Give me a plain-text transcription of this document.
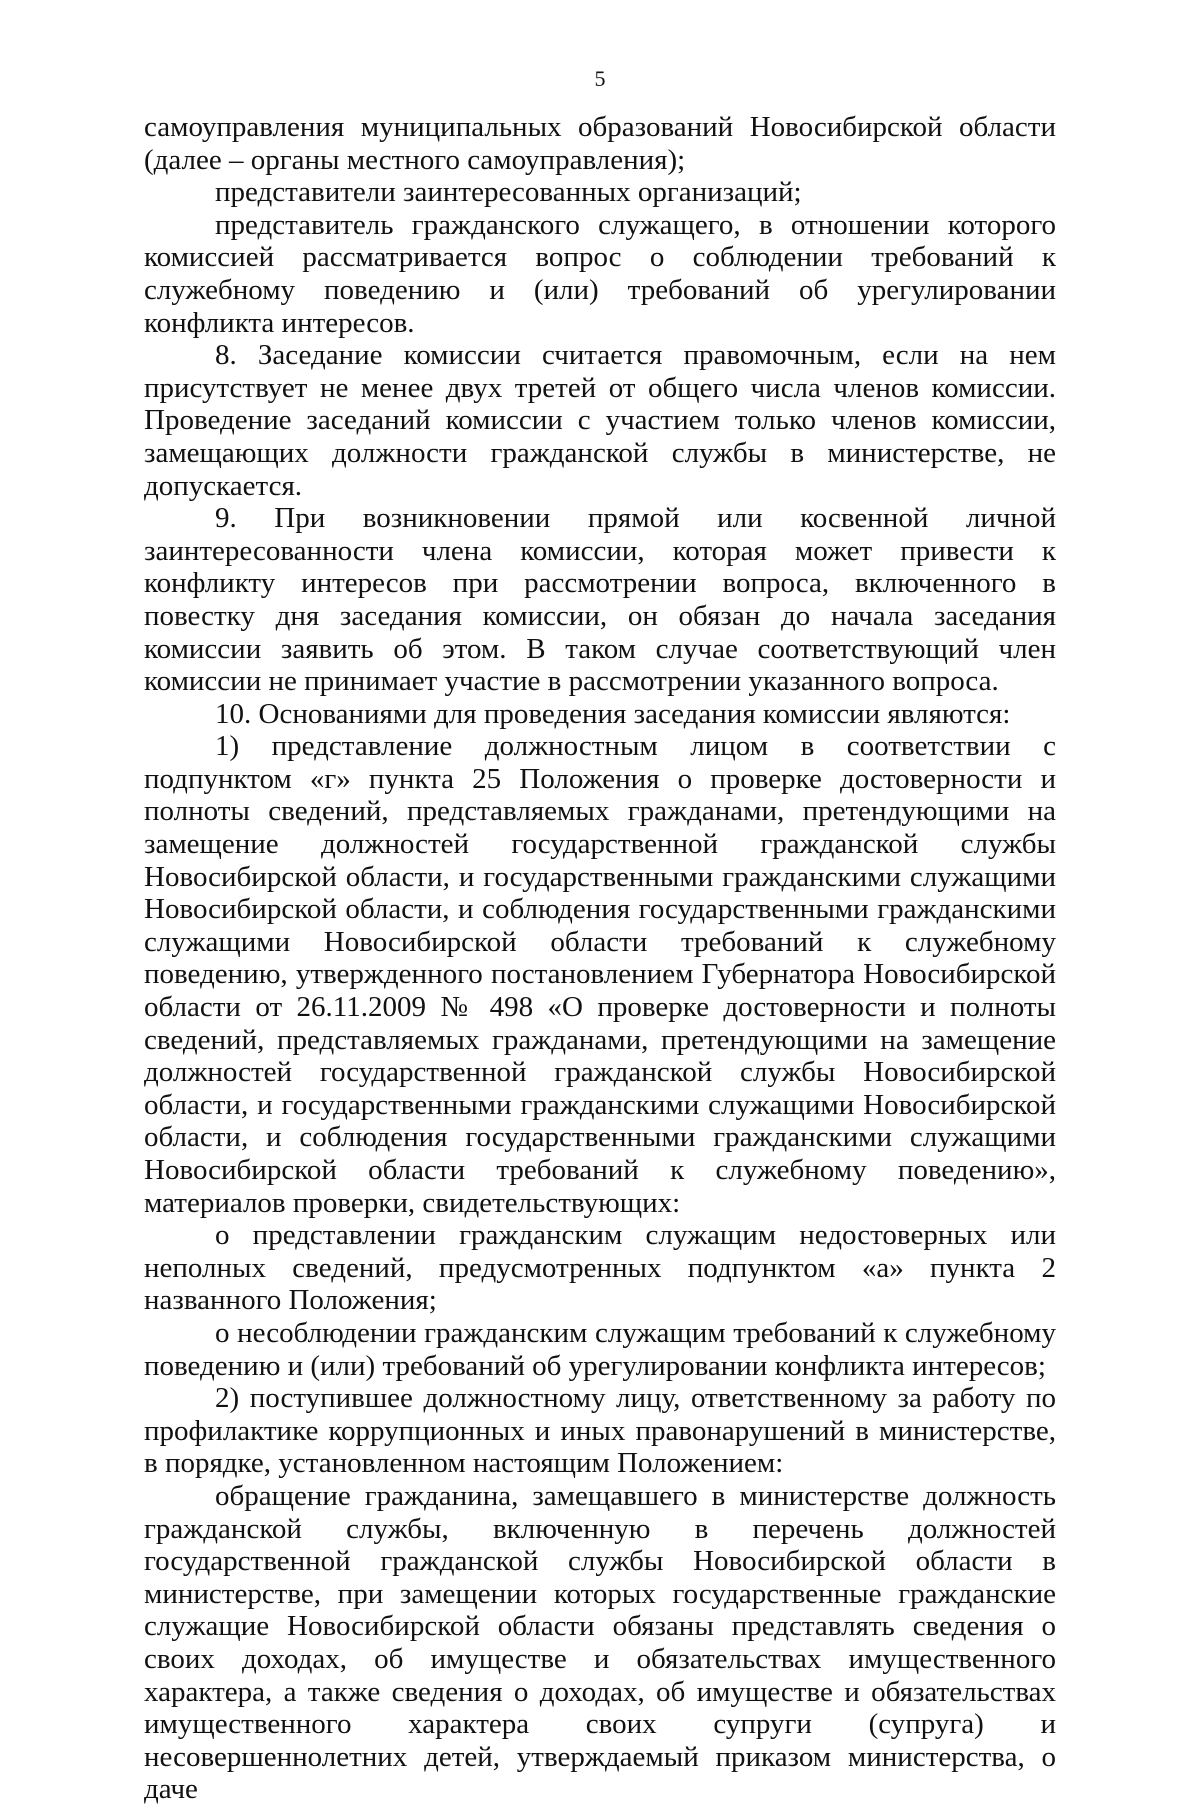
5

самоуправления муниципальных образований Новосибирской области (далее – органы местного самоуправления);

представители заинтересованных организаций;

представитель гражданского служащего, в отношении которого комиссией рассматривается вопрос о соблюдении требований к служебному поведению и (или) требований об урегулировании конфликта интересов.

8. Заседание комиссии считается правомочным, если на нем присутствует не менее двух третей от общего числа членов комиссии. Проведение заседаний комиссии с участием только членов комиссии, замещающих должности гражданской службы в министерстве, не допускается.

9. При возникновении прямой или косвенной личной заинтересованности члена комиссии, которая может привести к конфликту интересов при рассмотрении вопроса, включенного в повестку дня заседания комиссии, он обязан до начала заседания комиссии заявить об этом. В таком случае соответствующий член комиссии не принимает участие в рассмотрении указанного вопроса.

10. Основаниями для проведения заседания комиссии являются:

1) представление должностным лицом в соответствии с подпунктом «г» пункта 25 Положения о проверке достоверности и полноты сведений, представляемых гражданами, претендующими на замещение должностей государственной гражданской службы Новосибирской области, и государственными гражданскими служащими Новосибирской области, и соблюдения государственными гражданскими служащими Новосибирской области требований к служебному поведению, утвержденного постановлением Губернатора Новосибирской области от 26.11.2009 № 498 «О проверке достоверности и полноты сведений, представляемых гражданами, претендующими на замещение должностей государственной гражданской службы Новосибирской области, и государственными гражданскими служащими Новосибирской области, и соблюдения государственными гражданскими служащими Новосибирской области требований к служебному поведению», материалов проверки, свидетельствующих:

о представлении гражданским служащим недостоверных или неполных сведений, предусмотренных подпунктом «а» пункта 2 названного Положения;

о несоблюдении гражданским служащим требований к служебному поведению и (или) требований об урегулировании конфликта интересов;

2) поступившее должностному лицу, ответственному за работу по профилактике коррупционных и иных правонарушений в министерстве, в порядке, установленном настоящим Положением:

обращение гражданина, замещавшего в министерстве должность гражданской службы, включенную в перечень должностей государственной гражданской службы Новосибирской области в министерстве, при замещении которых государственные гражданские служащие Новосибирской области обязаны представлять сведения о своих доходах, об имуществе и обязательствах имущественного характера, а также сведения о доходах, об имуществе и обязательствах имущественного характера своих супруги (супруга) и несовершеннолетних детей, утверждаемый приказом министерства, о даче
